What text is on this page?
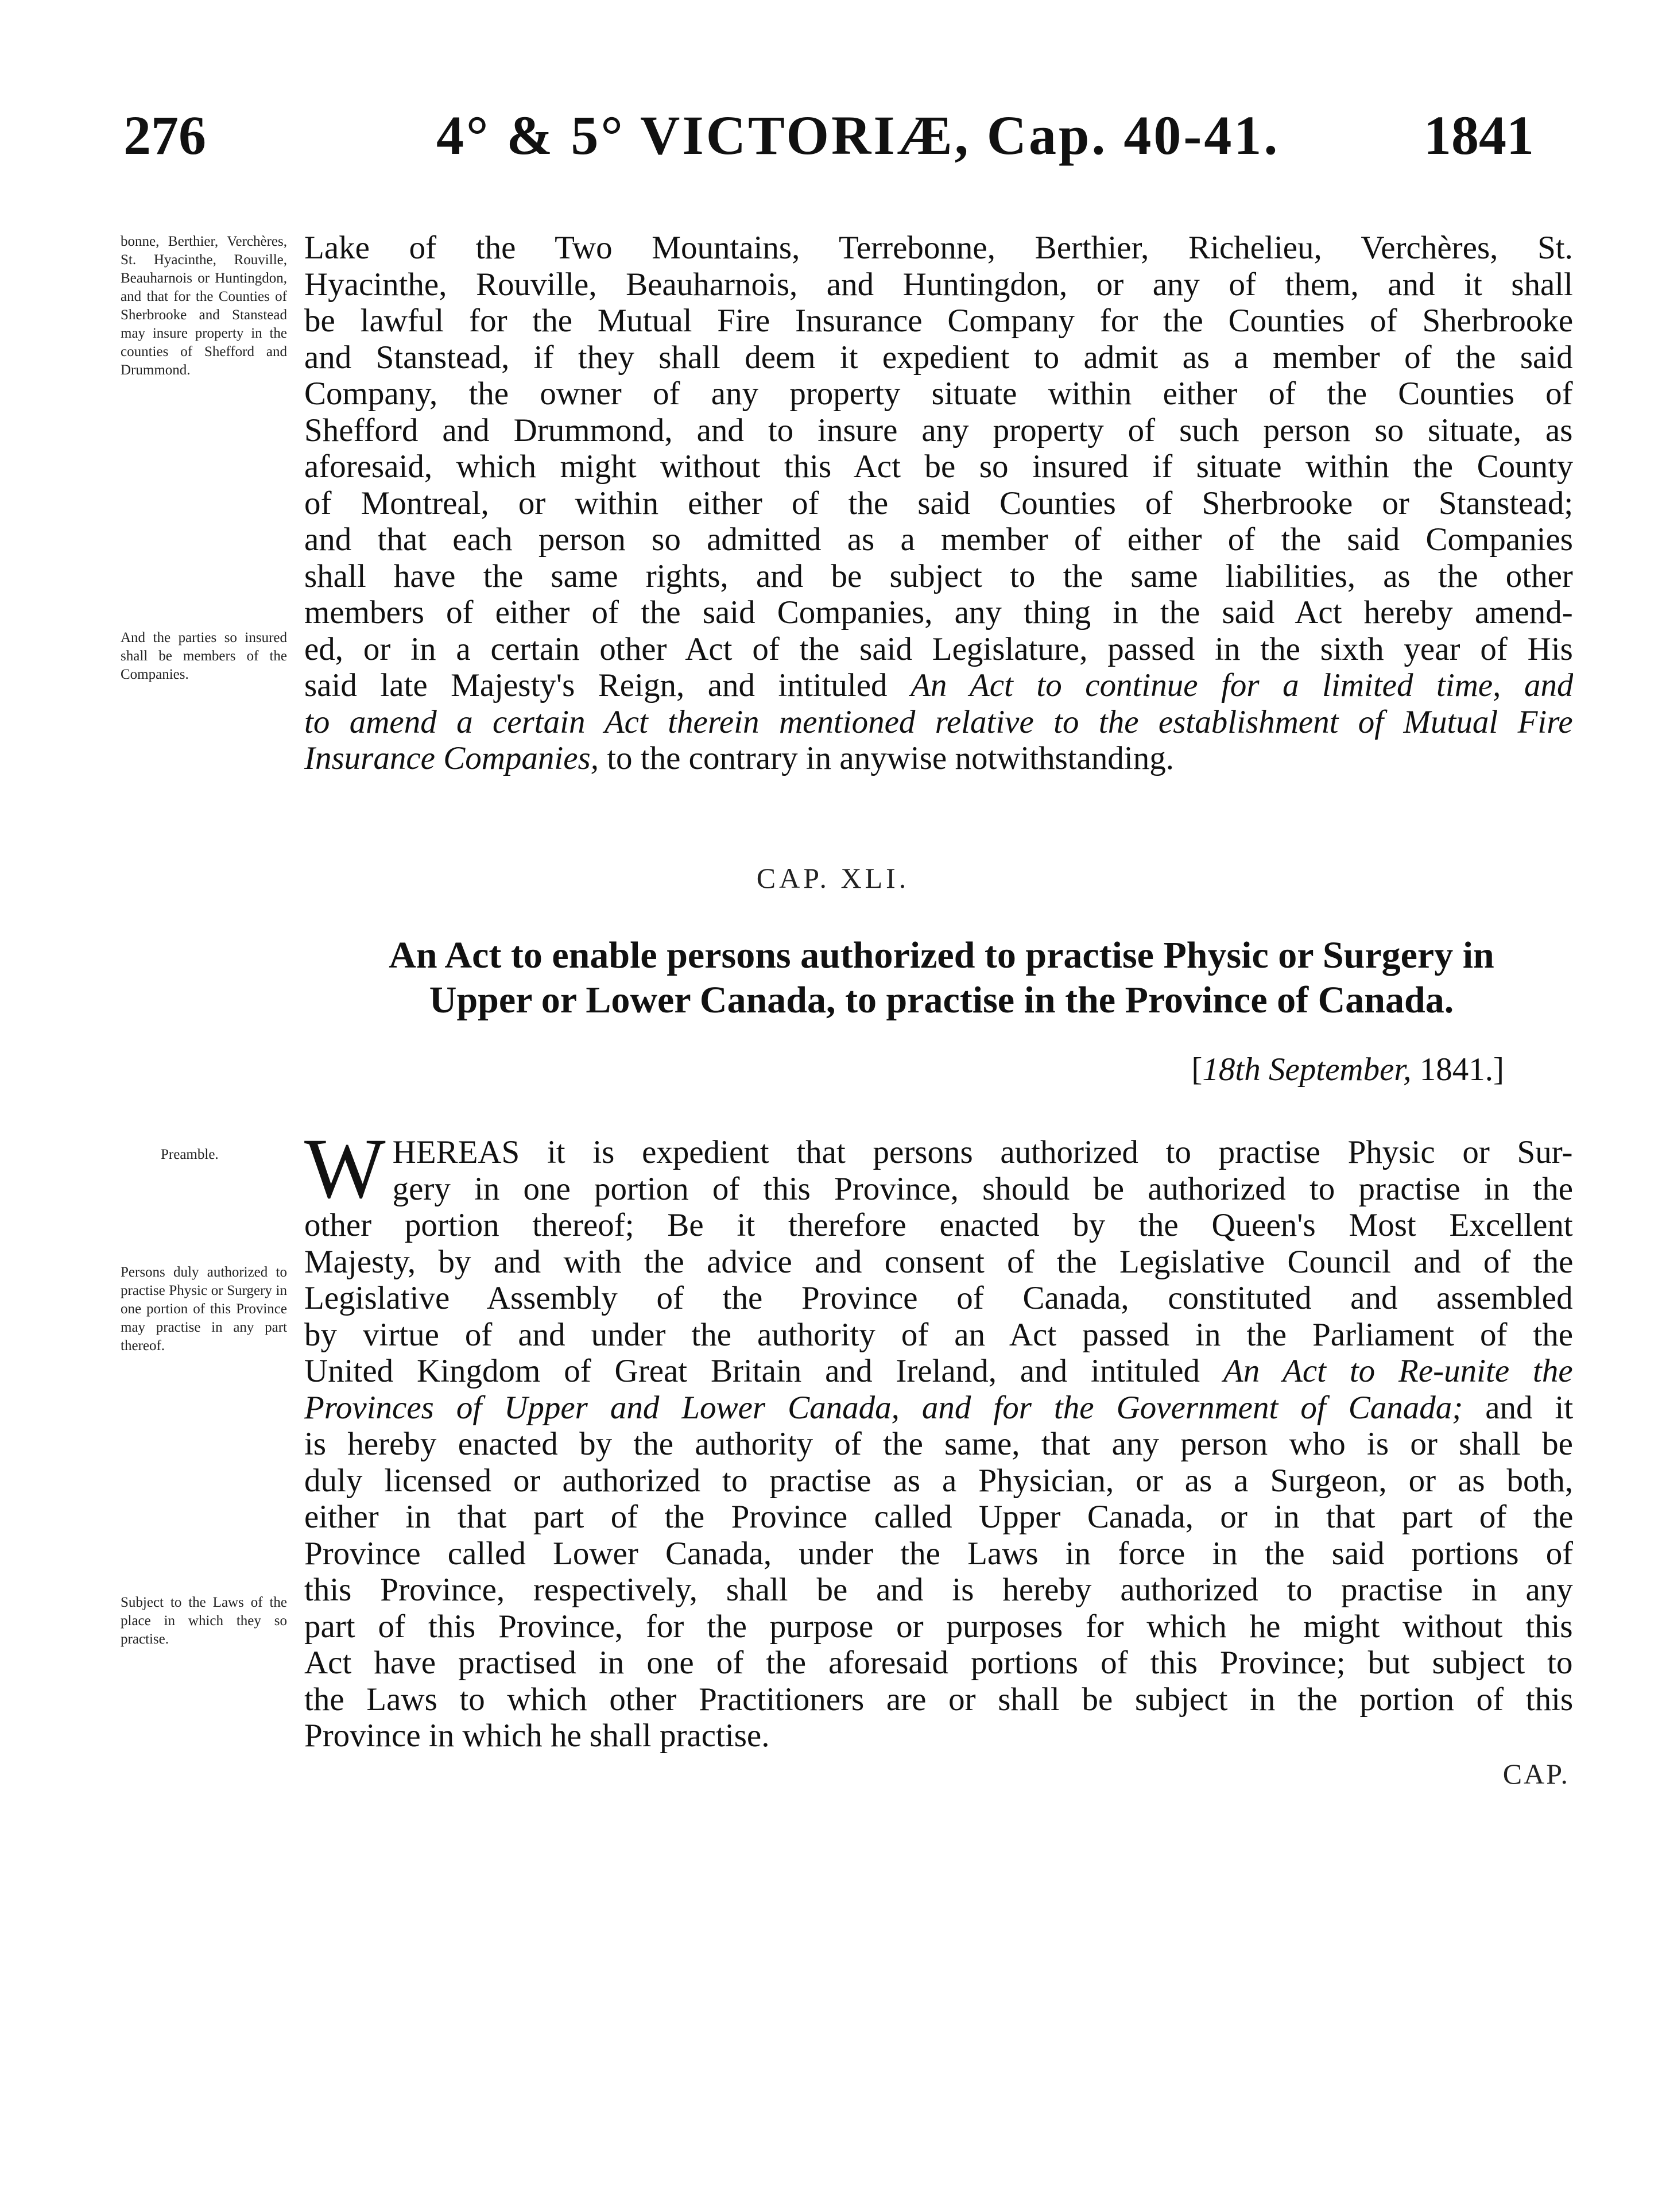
276	4° & 5° VICTORIÆ, Cap. 40-41.	1841
bonne, Berthier, Verchères, St. Hyacinthe, Rouville, Beauharnois or Huntingdon, and that for the Counties of Sherbrooke and Stanstead may insure property in the counties of Shefford and Drummond.
And the parties so insured shall be members of the Companies.
Preamble.
Persons duly authorized to practise Physic or Surgery in one portion of this Province may practise in any part thereof.
Subject to the Laws of the place in which they so practise.
Lake of the Two Mountains, Terrebonne, Berthier, Richelieu, Verchères, St.
Hyacinthe, Rouville, Beauharnois, and Huntingdon, or any of them, and it shall
be lawful for the Mutual Fire Insurance Company for the Counties of Sherbrooke
and Stanstead, if they shall deem it expedient to admit as a member of the said
Company, the owner of any property situate within either of the Counties of
Shefford and Drummond, and to insure any property of such person so situate, as
aforesaid, which might without this Act be so insured if situate within the County
of Montreal, or within either of the said Counties of Sherbrooke or Stanstead;
and that each person so admitted as a member of either of the said Companies
shall have the same rights, and be subject to the same liabilities, as the other
members of either of the said Companies, any thing in the said Act hereby amend-
ed, or in a certain other Act of the said Legislature, passed in the sixth year of His
said late Majesty's Reign, and intituled An Act to continue for a limited time, and
to amend a certain Act therein mentioned relative to the establishment of Mutual Fire
Insurance Companies, to the contrary in anywise notwithstanding.
CAP. XLI.
An Act to enable persons authorized to practise Physic or Surgery in
Upper or Lower Canada, to practise in the Province of Canada.
[18th September, 1841.]
W HEREAS it is expedient that persons authorized to practise Physic or Sur-
gery in one portion of this Province, should be authorized to practise in the
other portion thereof; Be it therefore enacted by the Queen's Most Excellent
Majesty, by and with the advice and consent of the Legislative Council and of the
Legislative Assembly of the Province of Canada, constituted and assembled
by virtue of and under the authority of an Act passed in the Parliament of the
United Kingdom of Great Britain and Ireland, and intituled An Act to Re-unite the
Provinces of Upper and Lower Canada, and for the Government of Canada; and it
is hereby enacted by the authority of the same, that any person who is or shall be
duly licensed or authorized to practise as a Physician, or as a Surgeon, or as both,
either in that part of the Province called Upper Canada, or in that part of the
Province called Lower Canada, under the Laws in force in the said portions of
this Province, respectively, shall be and is hereby authorized to practise in any
part of this Province, for the purpose or purposes for which he might without this
Act have practised in one of the aforesaid portions of this Province; but subject to
the Laws to which other Practitioners are or shall be subject in the portion of this
Province in which he shall practise.
CAP.
